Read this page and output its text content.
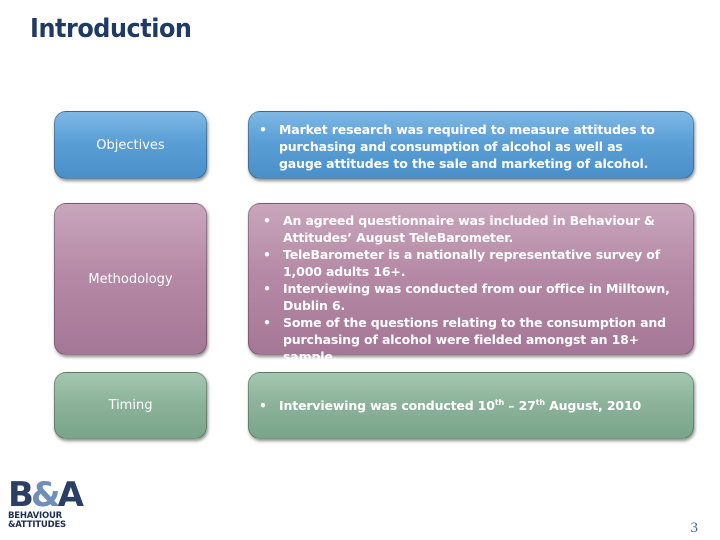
Introduction
Objectives
• Market research was required to measure attitudes to purchasing and consumption of alcohol as well as gauge attitudes to the sale and marketing of alcohol.
Methodology
• An agreed questionnaire was included in Behaviour & Attitudes’ August TeleBarometer.
• TeleBarometer is a nationally representative survey of 1,000 adults 16+.
• Interviewing was conducted from our office in Milltown, Dublin 6.
• Some of the questions relating to the consumption and purchasing of alcohol were fielded amongst an 18+ sample.
Timing
•	Interviewing was conducted 10th – 27th August, 2010
B&A
BEHAVIOUR
&ATTITUDES	3
